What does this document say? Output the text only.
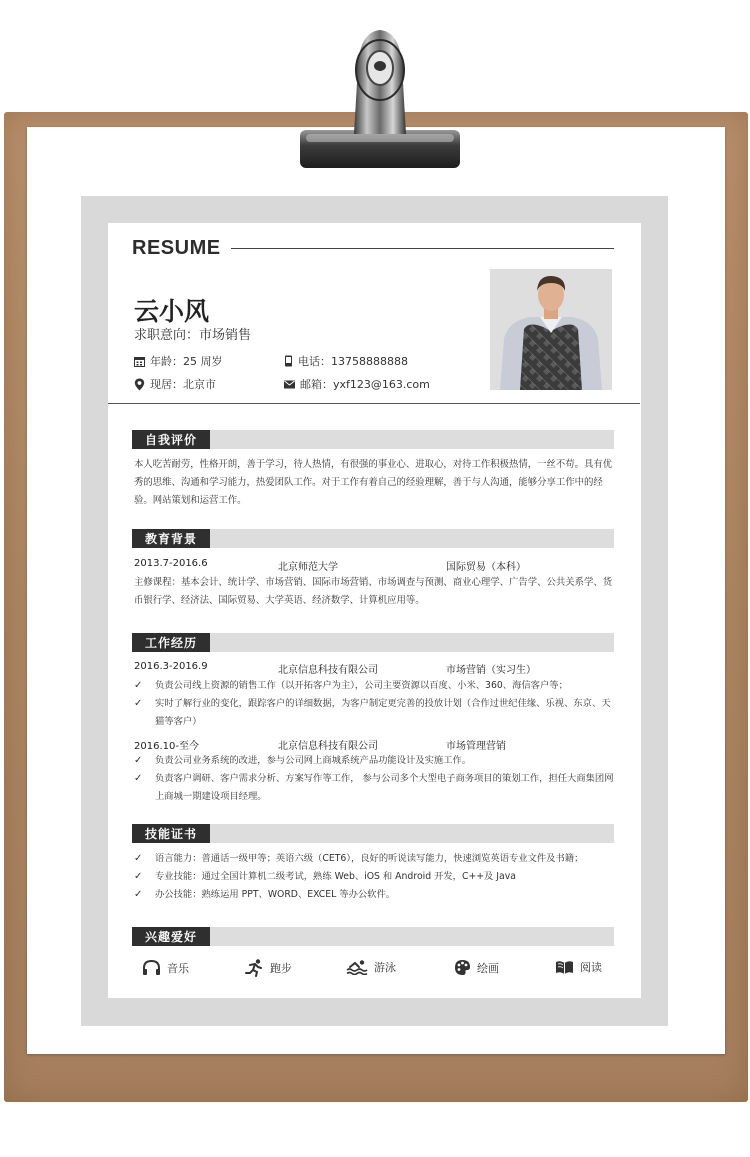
RESUME
云小风
求职意向：市场销售
年龄：25 周岁	电话：13758888888
现居：北京市	邮箱：yxf123@163.com
自我评价
本人吃苦耐劳，性格开朗，善于学习，待人热情，有很强的事业心、进取心，对待工作积极热情，一丝不苟。具有优秀的思维、沟通和学习能力，热爱团队工作。对于工作有着自己的经验理解，善于与人沟通，能够分享工作中的经验。网站策划和运营工作。
教育背景
2013.7-2016.6	北京师范大学	国际贸易（本科）
主修课程：基本会计、统计学、市场营销、国际市场营销、市场调查与预测、商业心理学、广告学、公共关系学、货币银行学、经济法、国际贸易、大学英语、经济数学、计算机应用等。
工作经历
2016.3-2016.9	北京信息科技有限公司	市场营销（实习生）
✓ 负责公司线上资源的销售工作（以开拓客户为主），公司主要资源以百度、小米、360、海信客户等；
✓ 实时了解行业的变化，跟踪客户的详细数据，为客户制定更完善的投放计划（合作过世纪佳缘、乐视、东京、天猫等客户）
2016.10-至今	北京信息科技有限公司	市场管理营销
✓ 负责公司业务系统的改进，参与公司网上商城系统产品功能设计及实施工作。
✓ 负责客户调研、客户需求分析、方案写作等工作， 参与公司多个大型电子商务项目的策划工作，担任大商集团网上商城一期建设项目经理。
技能证书
✓ 语言能力：普通话一级甲等；英语六级（CET6），良好的听说读写能力，快速浏览英语专业文件及书籍；
✓ 专业技能：通过全国计算机二级考试，熟练 Web、iOS 和 Android 开发，C++及 Java
✓ 办公技能：熟练运用 PPT、WORD、EXCEL 等办公软件。
兴趣爱好
音乐	跑步	游泳	绘画	阅读
